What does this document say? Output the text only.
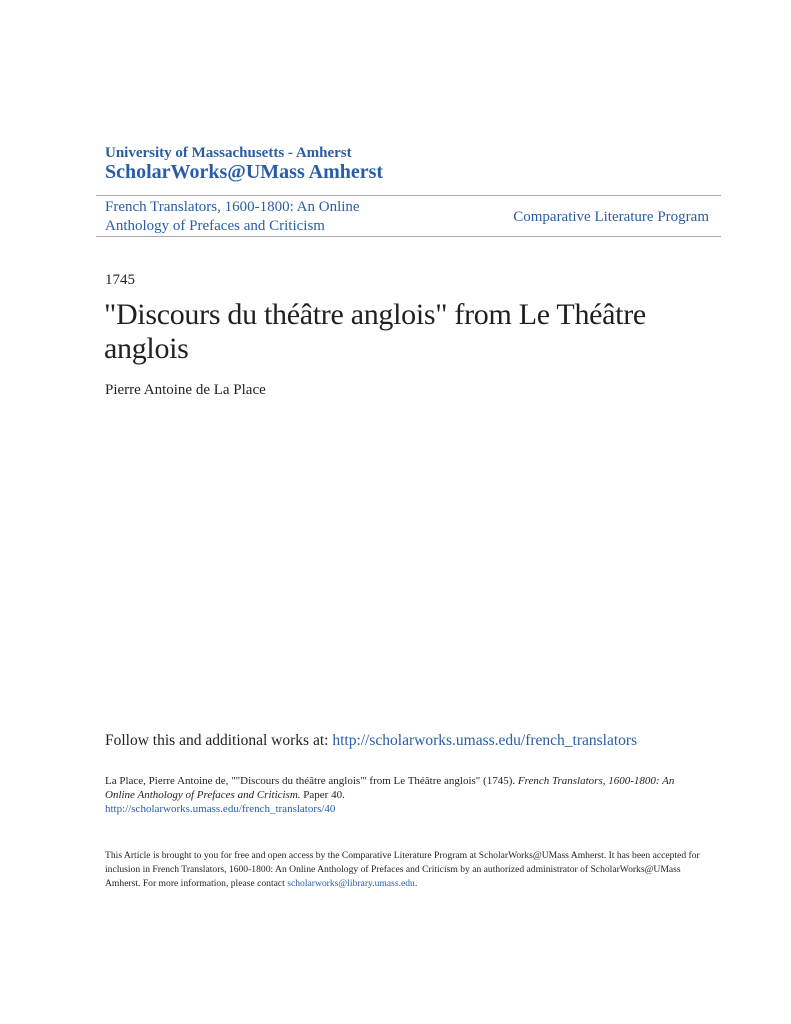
University of Massachusetts - Amherst
ScholarWorks@UMass Amherst
French Translators, 1600-1800: An Online Anthology of Prefaces and Criticism
Comparative Literature Program
1745
"Discours du théâtre anglois" from Le Théâtre anglois
Pierre Antoine de La Place
Follow this and additional works at: http://scholarworks.umass.edu/french_translators
La Place, Pierre Antoine de, ""Discours du théâtre anglois"' from Le Théâtre anglois" (1745). French Translators, 1600-1800: An Online Anthology of Prefaces and Criticism. Paper 40.
http://scholarworks.umass.edu/french_translators/40
This Article is brought to you for free and open access by the Comparative Literature Program at ScholarWorks@UMass Amherst. It has been accepted for inclusion in French Translators, 1600-1800: An Online Anthology of Prefaces and Criticism by an authorized administrator of ScholarWorks@UMass Amherst. For more information, please contact scholarworks@library.umass.edu.
